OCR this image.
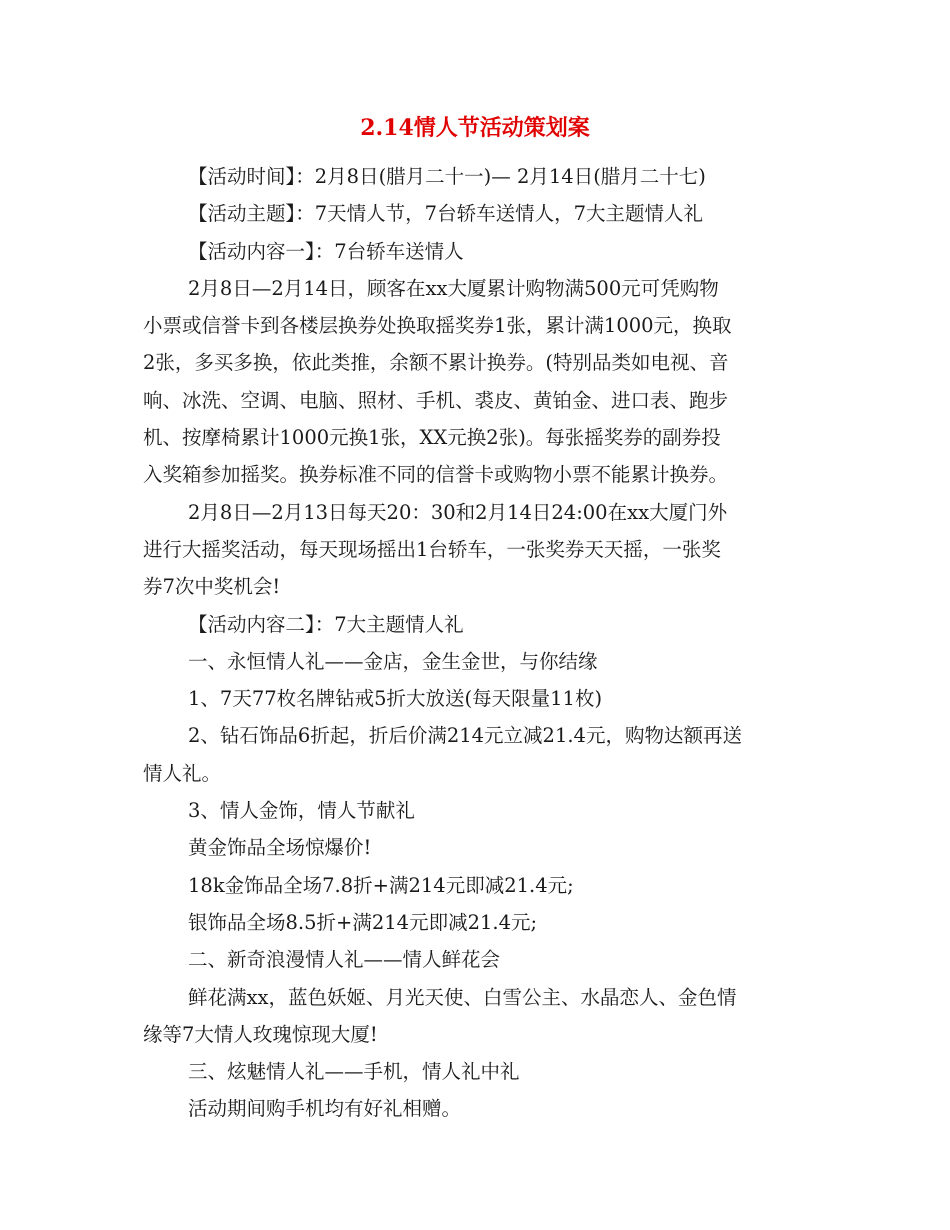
2.14情人节活动策划案
【活动时间】：2月8日(腊月二十一)— 2月14日(腊月二十七)
【活动主题】：7天情人节，7台轿车送情人，7大主题情人礼
【活动内容一】：7台轿车送情人
2月8日—2月14日，顾客在xx大厦累计购物满500元可凭购物
小票或信誉卡到各楼层换券处换取摇奖券1张，累计满1000元，换取
2张，多买多换，依此类推，余额不累计换券。(特别品类如电视、音
响、冰洗、空调、电脑、照材、手机、裘皮、黄铂金、进口表、跑步
机、按摩椅累计1000元换1张，XX元换2张)。每张摇奖券的副券投
入奖箱参加摇奖。换券标准不同的信誉卡或购物小票不能累计换券。
2月8日—2月13日每天20：30和2月14日24:00在xx大厦门外
进行大摇奖活动，每天现场摇出1台轿车，一张奖券天天摇，一张奖
券7次中奖机会!
【活动内容二】：7大主题情人礼
一、永恒情人礼——金店，金生金世，与你结缘
1、7天77枚名牌钻戒5折大放送(每天限量11枚)
2、钻石饰品6折起，折后价满214元立减21.4元，购物达额再送
情人礼。
3、情人金饰，情人节献礼
黄金饰品全场惊爆价!
18k金饰品全场7.8折+满214元即减21.4元;
银饰品全场8.5折+满214元即减21.4元;
二、新奇浪漫情人礼——情人鲜花会
鲜花满xx，蓝色妖姬、月光天使、白雪公主、水晶恋人、金色情
缘等7大情人玫瑰惊现大厦!
三、炫魅情人礼——手机，情人礼中礼
活动期间购手机均有好礼相赠。
